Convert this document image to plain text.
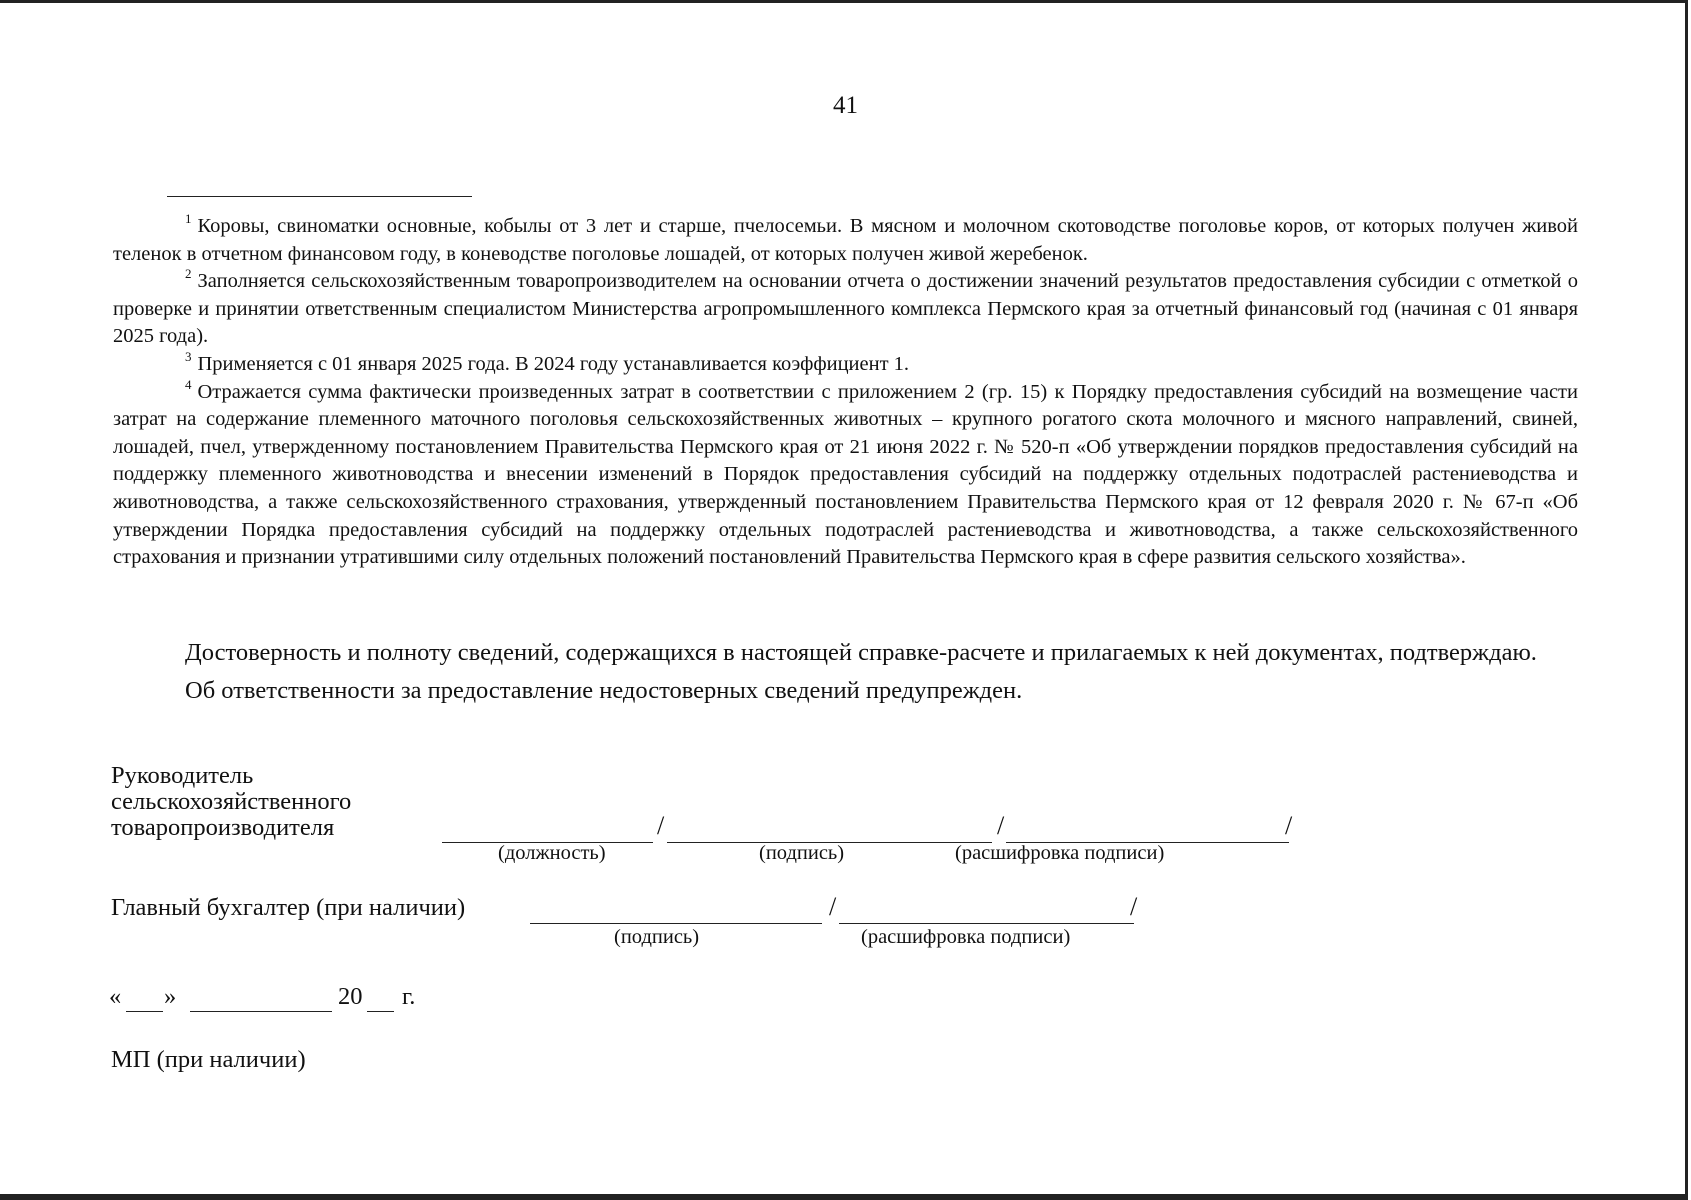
41

$^1$ Коровы, свиноматки основные, кобылы от 3 лет и старше, пчелосемьи. В мясном и молочном скотоводстве поголовье коров, от которых получен живой теленок в отчетном финансовом году, в коневодстве поголовье лошадей, от которых получен живой жеребенок.

$^2$ Заполняется сельскохозяйственным товаропроизводителем на основании отчета о достижении значений результатов предоставления субсидии с отметкой о проверке и принятии ответственным специалистом Министерства агропромышленного комплекса Пермского края за отчетный финансовый год (начиная с 01 января 2025 года).

$^3$ Применяется с 01 января 2025 года. В 2024 году устанавливается коэффициент 1.

$^4$ Отражается сумма фактически произведенных затрат в соответствии с приложением 2 (гр. 15) к Порядку предоставления субсидий на возмещение части затрат на содержание племенного маточного поголовья сельскохозяйственных животных – крупного рогатого скота молочного и мясного направлений, свиней, лошадей, пчел, утвержденному постановлением Правительства Пермского края от 21 июня 2022 г. № 520-п «Об утверждении порядков предоставления субсидий на поддержку племенного животноводства и внесении изменений в Порядок предоставления субсидий на поддержку отдельных подотраслей растениеводства и животноводства, а также сельскохозяйственного страхования, утвержденный постановлением Правительства Пермского края от 12 февраля 2020 г. № 67-п «Об утверждении Порядка предоставления субсидий на поддержку отдельных подотраслей растениеводства и животноводства, а также сельскохозяйственного страхования и признании утратившими силу отдельных положений постановлений Правительства Пермского края в сфере развития сельского хозяйства».

Достоверность и полноту сведений, содержащихся в настоящей справке-расчете и прилагаемых к ней документах, подтверждаю.

Об ответственности за предоставление недостоверных сведений предупрежден.

Руководитель
сельскохозяйственного
товаропроизводителя	/	/	/
(должность)	(подпись)	(расшифровка подписи)
Главный бухгалтер (при наличии)	/	/
(подпись)	(расшифровка подписи)
« »	20 г.
МП (при наличии)
